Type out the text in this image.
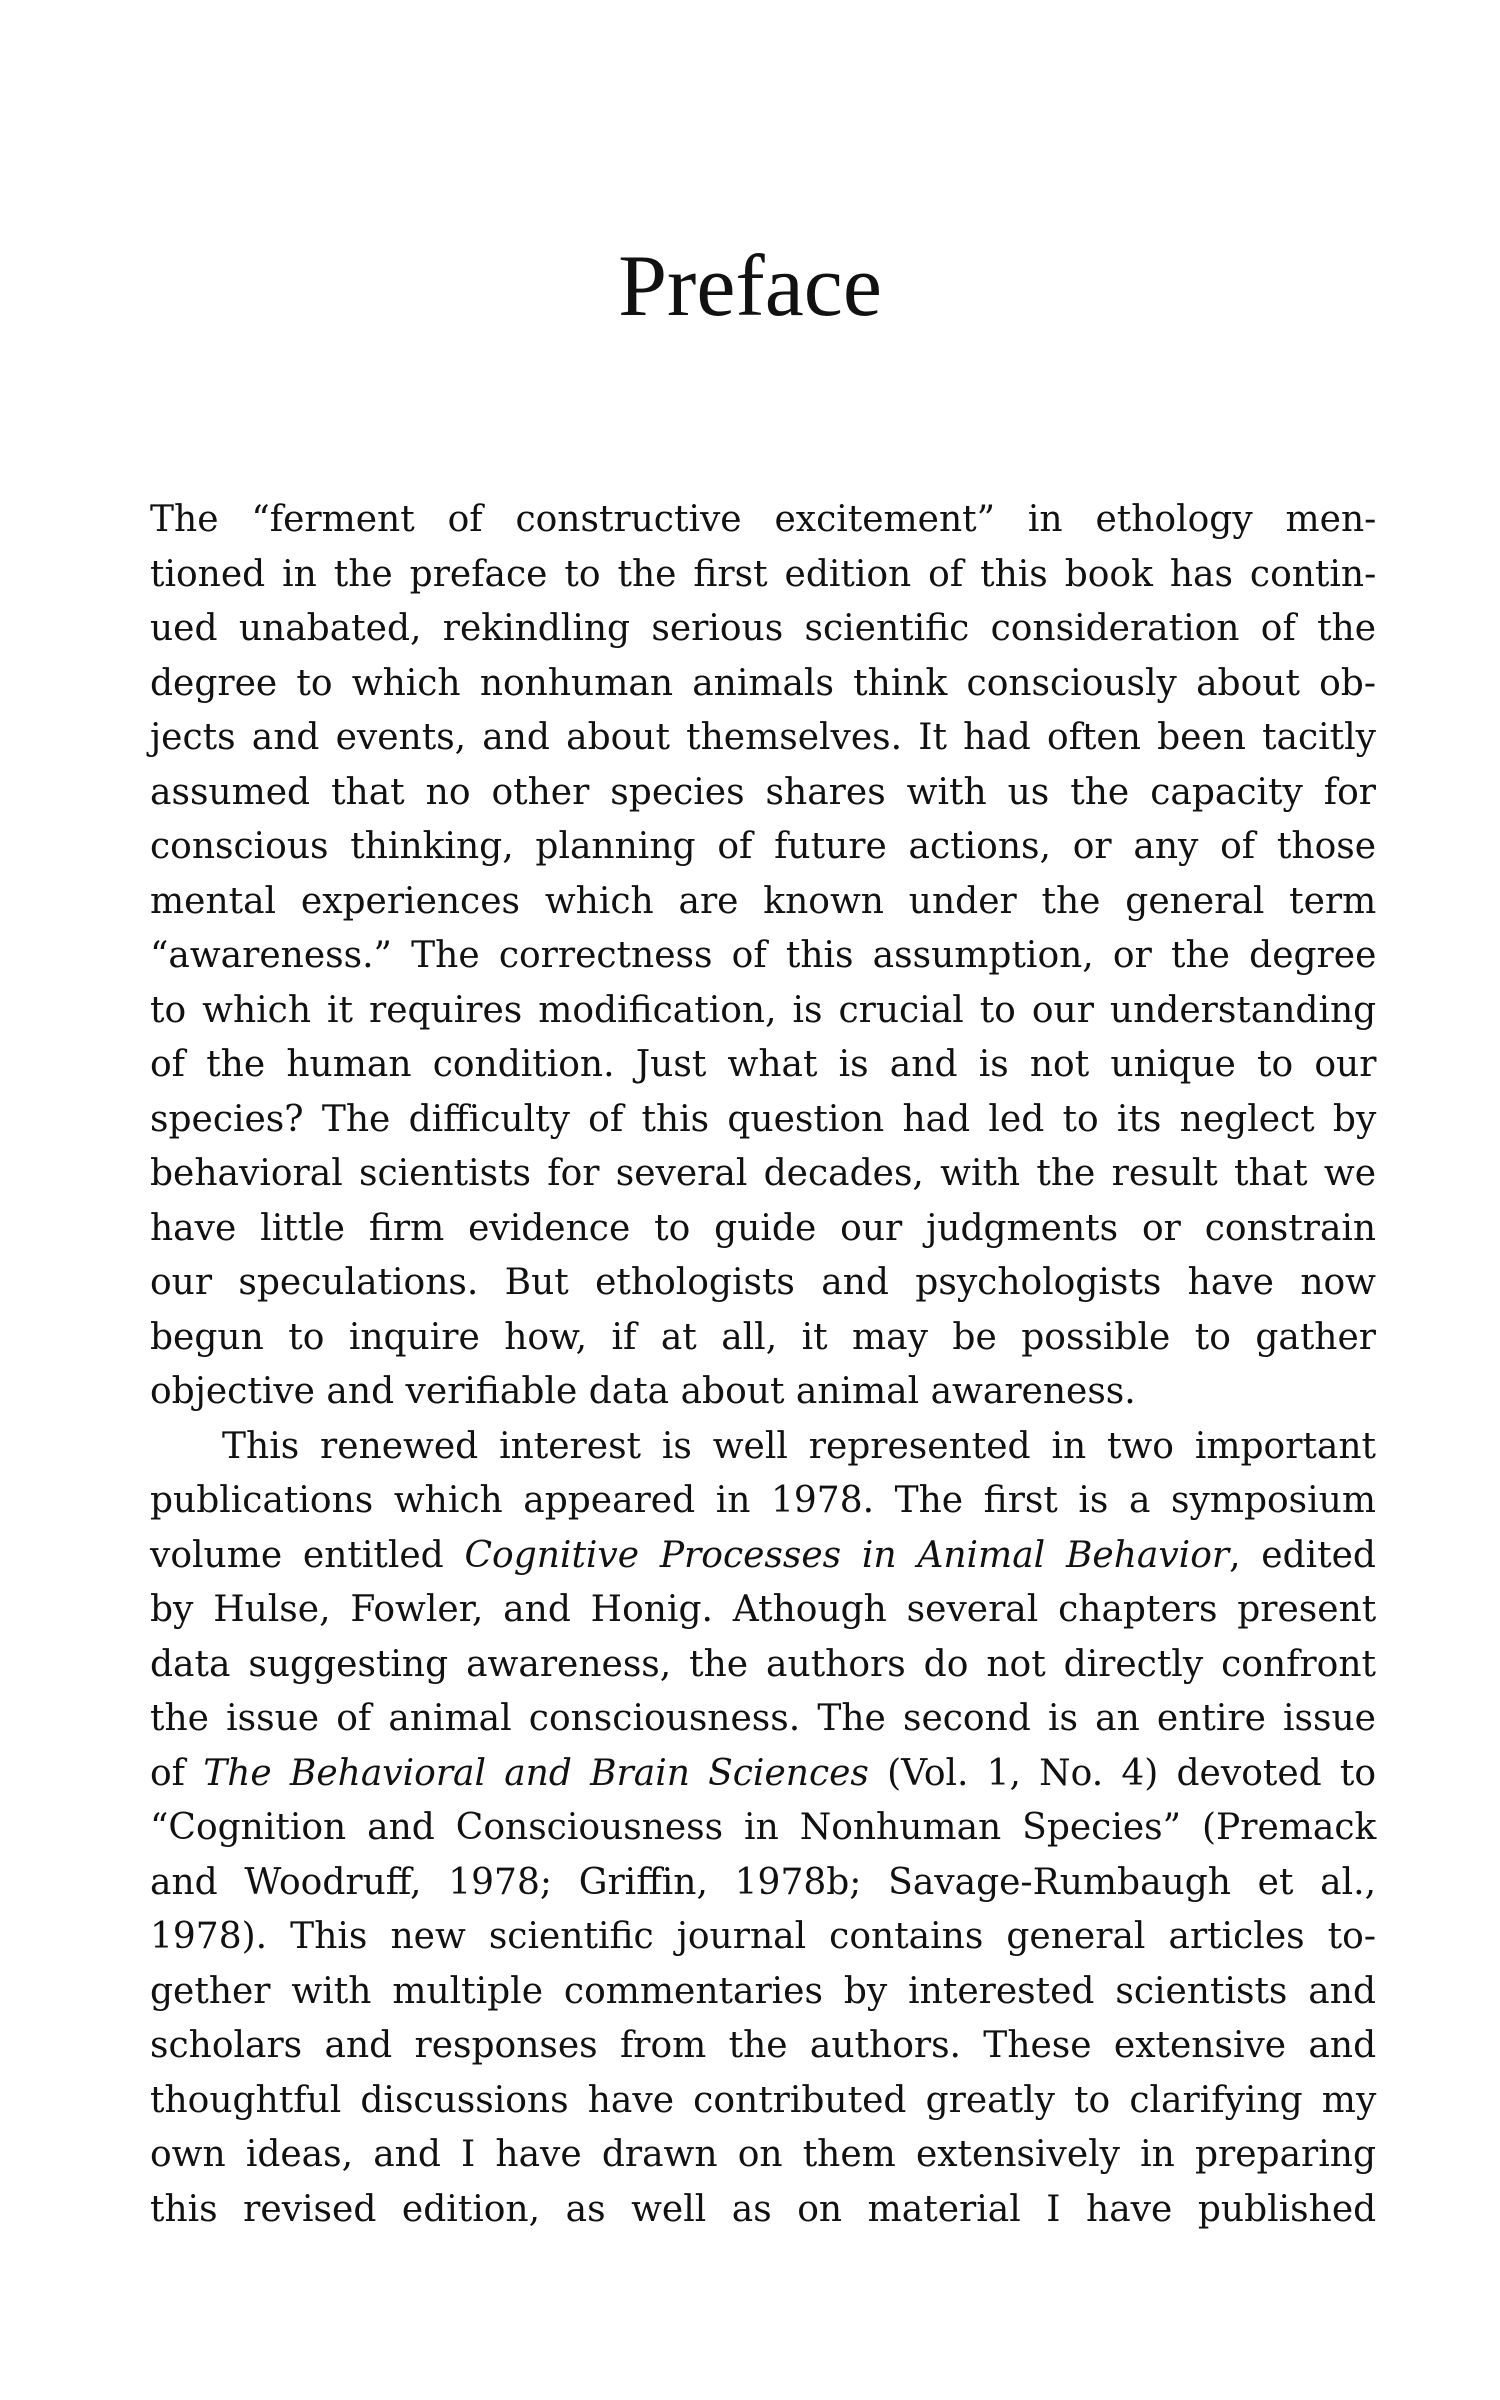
Preface
The “ferment of constructive excitement” in ethology men-
tioned in the preface to the first edition of this book has contin-
ued unabated, rekindling serious scientific consideration of the
degree to which nonhuman animals think consciously about ob-
jects and events, and about themselves. It had often been tacitly
assumed that no other species shares with us the capacity for
conscious thinking, planning of future actions, or any of those
mental experiences which are known under the general term
“awareness.” The correctness of this assumption, or the degree
to which it requires modification, is crucial to our understanding
of the human condition. Just what is and is not unique to our
species? The difficulty of this question had led to its neglect by
behavioral scientists for several decades, with the result that we
have little firm evidence to guide our judgments or constrain
our speculations. But ethologists and psychologists have now
begun to inquire how, if at all, it may be possible to gather
objective and verifiable data about animal awareness.
This renewed interest is well represented in two important
publications which appeared in 1978. The first is a symposium
volume entitled Cognitive Processes in Animal Behavior, edited
by Hulse, Fowler, and Honig. Athough several chapters present
data suggesting awareness, the authors do not directly confront
the issue of animal consciousness. The second is an entire issue
of The Behavioral and Brain Sciences (Vol. 1, No. 4) devoted to
“Cognition and Consciousness in Nonhuman Species” (Premack
and Woodruff, 1978; Griffin, 1978b; Savage-Rumbaugh et al.,
1978). This new scientific journal contains general articles to-
gether with multiple commentaries by interested scientists and
scholars and responses from the authors. These extensive and
thoughtful discussions have contributed greatly to clarifying my
own ideas, and I have drawn on them extensively in preparing
this revised edition, as well as on material I have published
